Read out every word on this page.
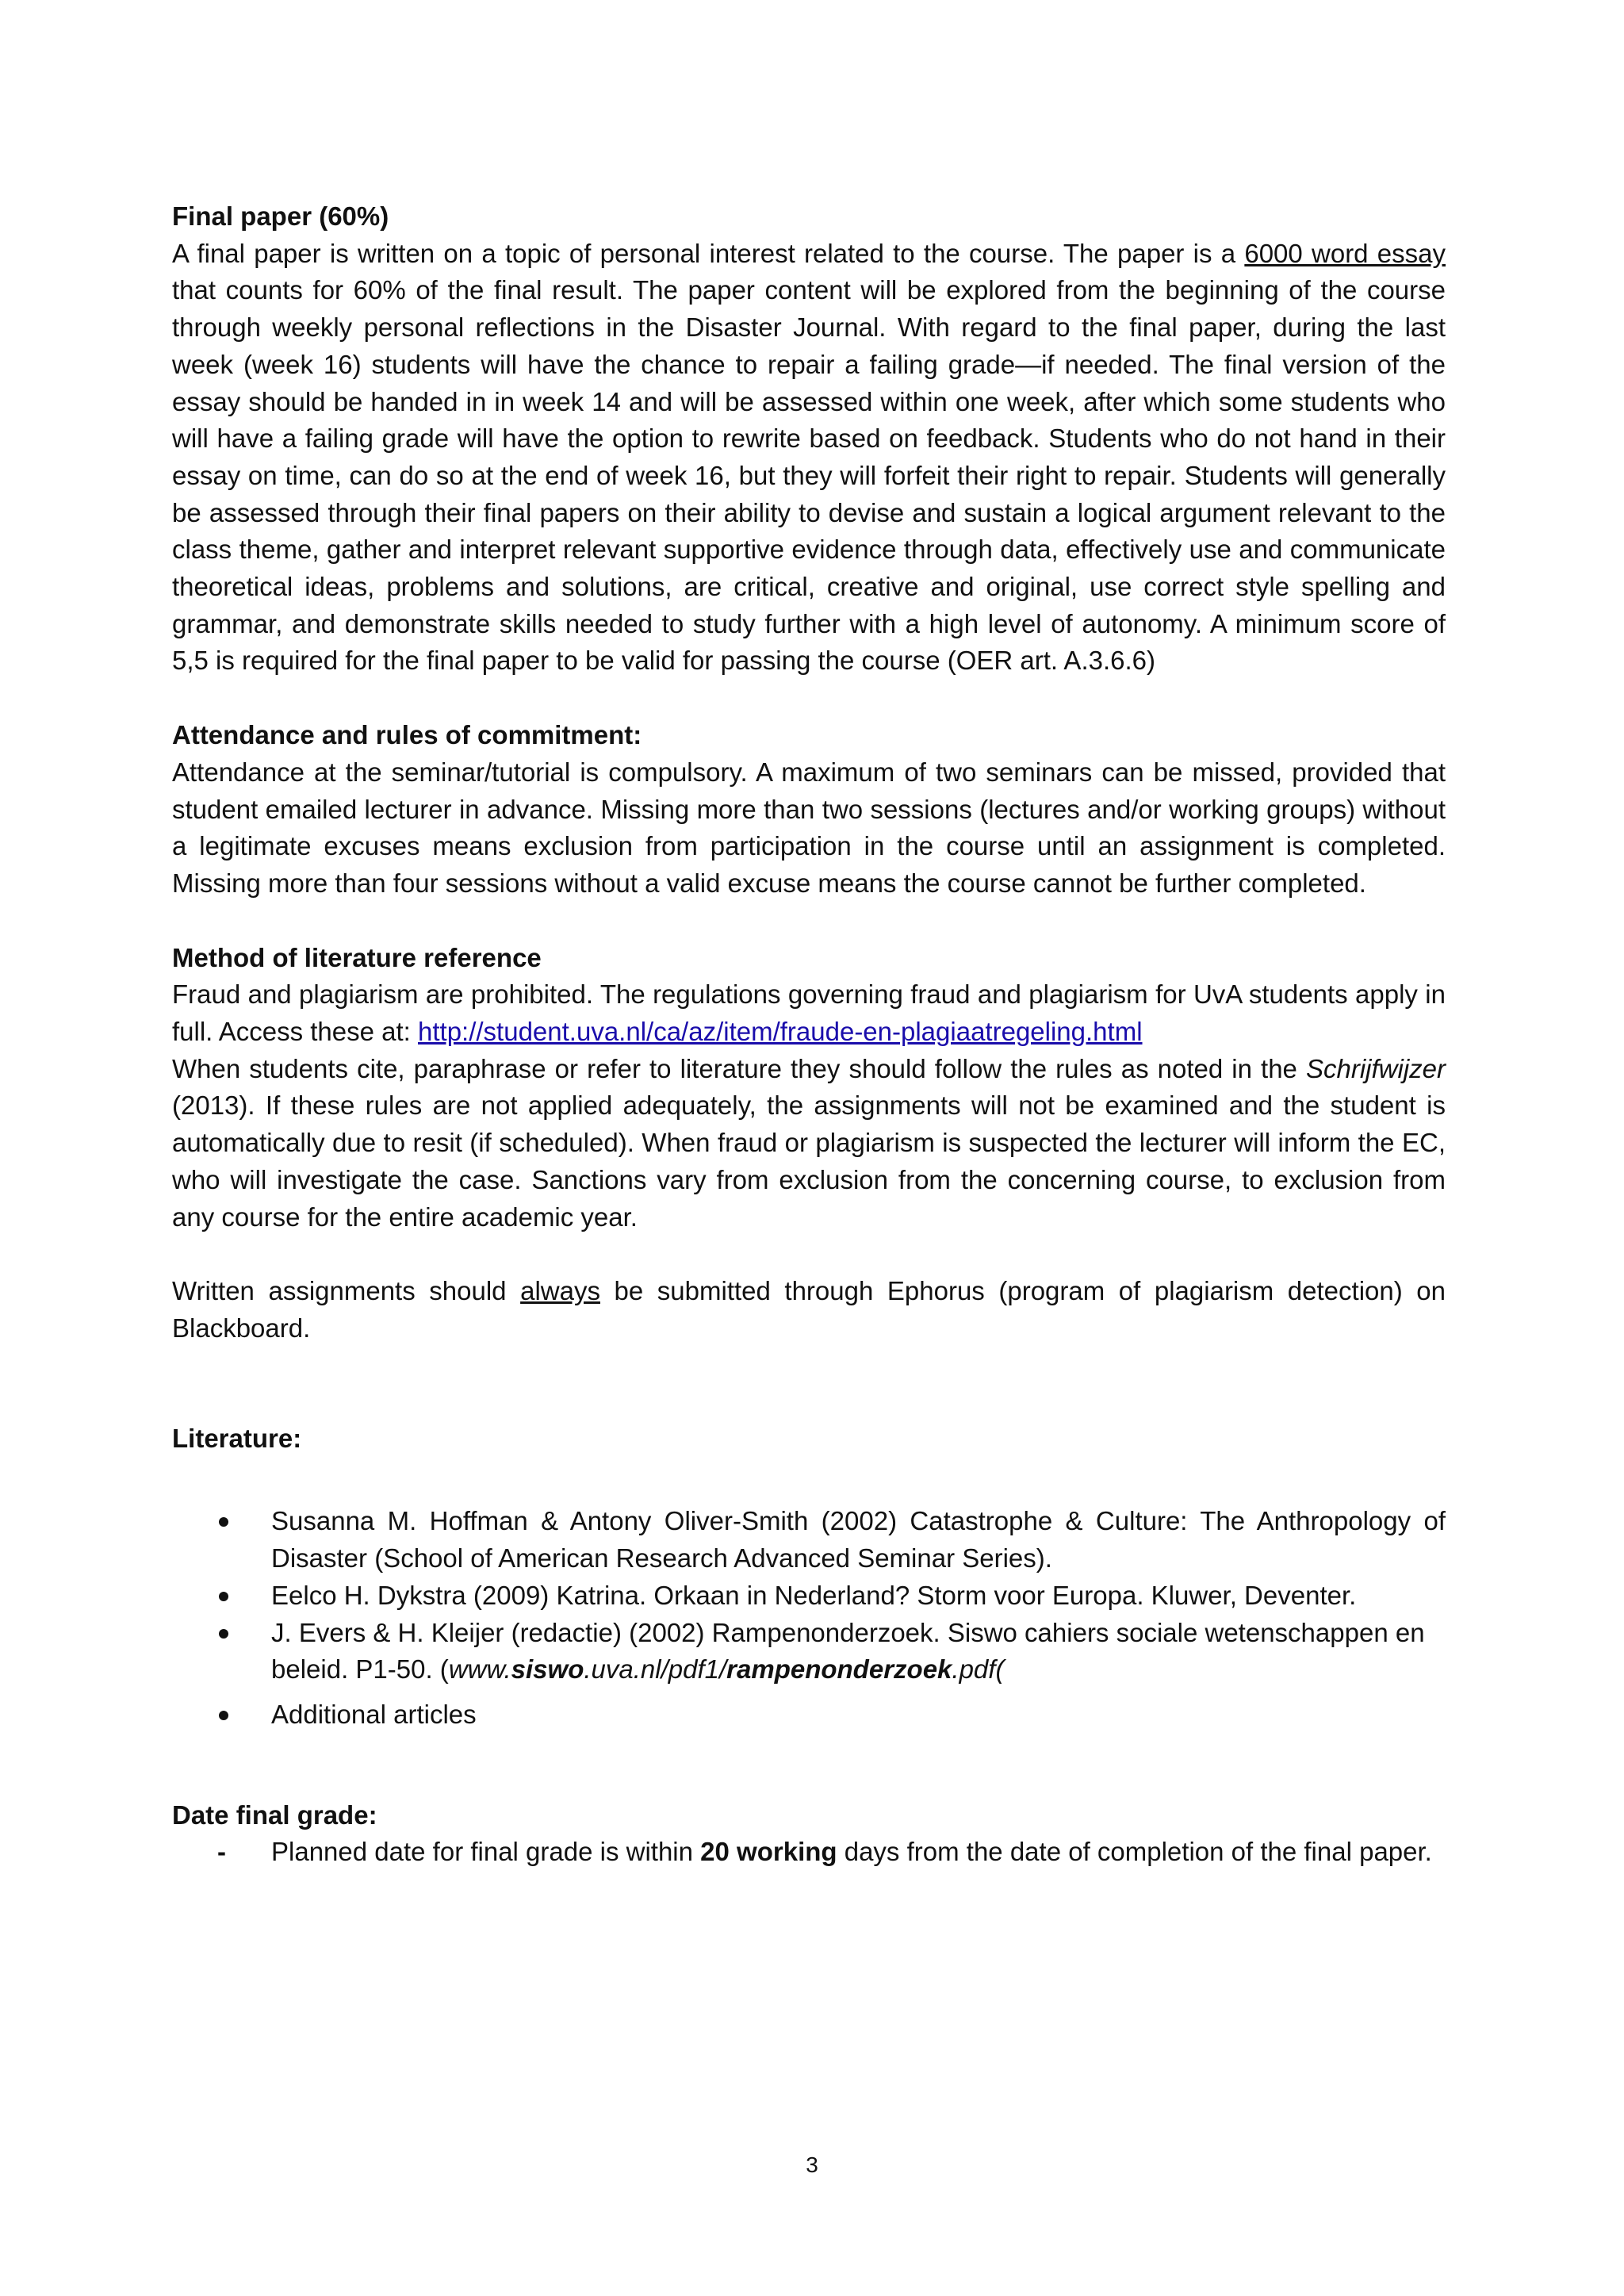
Final paper (60%)

A final paper is written on a topic of personal interest related to the course. The paper is a 6000 word essay that counts for 60% of the final result. The paper content will be explored from the beginning of the course through weekly personal reflections in the Disaster Journal. With regard to the final paper, during the last week (week 16) students will have the chance to repair a failing grade—if needed. The final version of the essay should be handed in in week 14 and will be assessed within one week, after which some students who will have a failing grade will have the option to rewrite based on feedback. Students who do not hand in their essay on time, can do so at the end of week 16, but they will forfeit their right to repair. Students will generally be assessed through their final papers on their ability to devise and sustain a logical argument relevant to the class theme, gather and interpret relevant supportive evidence through data, effectively use and communicate theoretical ideas, problems and solutions, are critical, creative and original, use correct style spelling and grammar, and demonstrate skills needed to study further with a high level of autonomy. A minimum score of 5,5 is required for the final paper to be valid for passing the course (OER art. A.3.6.6)

Attendance and rules of commitment:

Attendance at the seminar/tutorial is compulsory. A maximum of two seminars can be missed, provided that student emailed lecturer in advance. Missing more than two sessions (lectures and/or working groups) without a legitimate excuses means exclusion from participation in the course until an assignment is completed. Missing more than four sessions without a valid excuse means the course cannot be further completed.

Method of literature reference

Fraud and plagiarism are prohibited. The regulations governing fraud and plagiarism for UvA students apply in full. Access these at: http://student.uva.nl/ca/az/item/fraude-en-plagiaatregeling.html

When students cite, paraphrase or refer to literature they should follow the rules as noted in the Schrijfwijzer (2013). If these rules are not applied adequately, the assignments will not be examined and the student is automatically due to resit (if scheduled). When fraud or plagiarism is suspected the lecturer will inform the EC, who will investigate the case. Sanctions vary from exclusion from the concerning course, to exclusion from any course for the entire academic year.

Written assignments should always be submitted through Ephorus (program of plagiarism detection) on Blackboard.

Literature:

Susanna M. Hoffman & Antony Oliver-Smith (2002) Catastrophe & Culture: The Anthropology of Disaster (School of American Research Advanced Seminar Series).
Eelco H. Dykstra (2009) Katrina. Orkaan in Nederland? Storm voor Europa. Kluwer, Deventer.
J. Evers & H. Kleijer (redactie) (2002) Rampenonderzoek. Siswo cahiers sociale wetenschappen en beleid. P1-50. (www.siswo.uva.nl/pdf1/rampenonderzoek.pdf(
Additional articles

Date final grade:

- Planned date for final grade is within 20 working days from the date of completion of the final paper.
3
